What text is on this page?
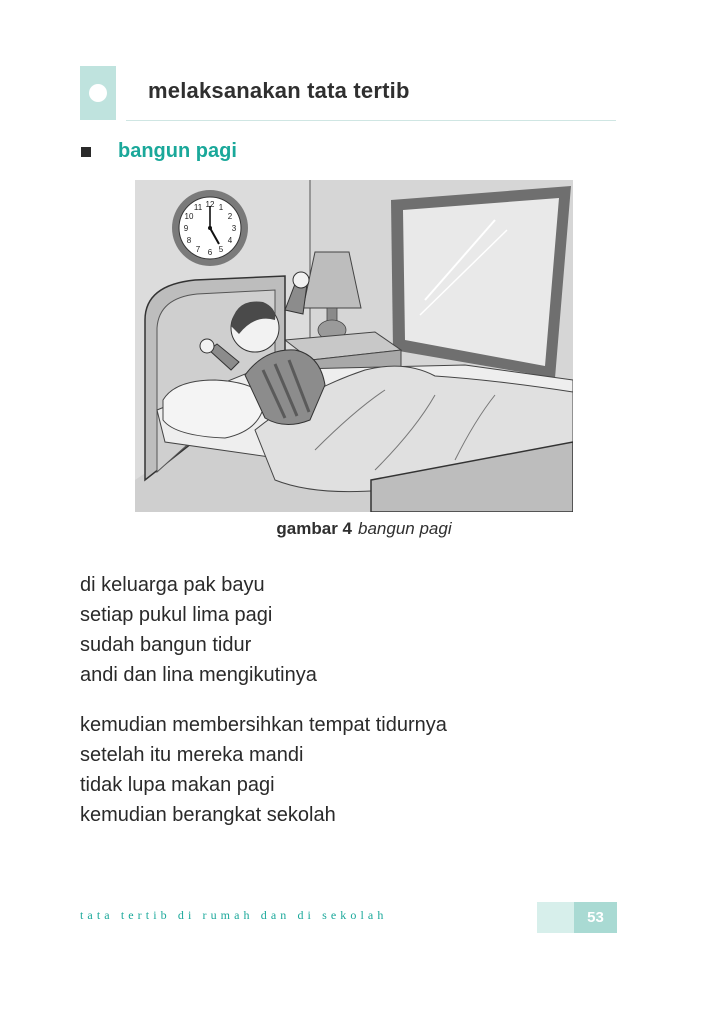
melaksanakan tata tertib
bangun pagi
12 1
2
3
4
5
6
7
8
9
10
11
gambar 4 bangun pagi

di keluarga pak bayu
setiap pukul lima pagi
sudah bangun tidur
andi dan lina mengikutinya

kemudian membersihkan tempat tidurnya
setelah itu mereka mandi
tidak lupa makan pagi
kemudian berangkat sekolah

tata tertib di rumah dan di sekolah	53
